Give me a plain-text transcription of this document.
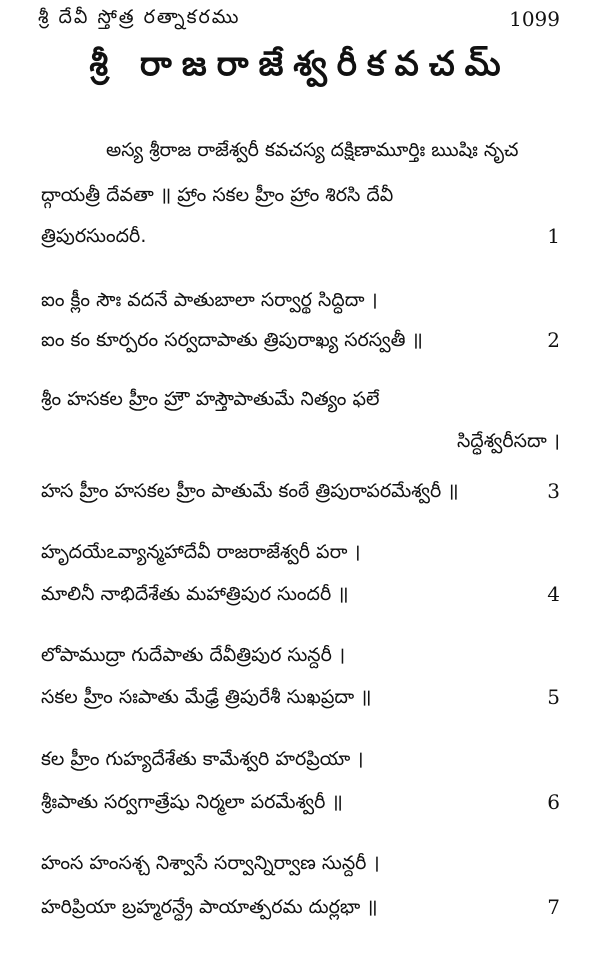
శ్రీ దేవీ స్తోత్ర రత్నాకరము	1099
శ్రీ రాజరాజేశ్వరీకవచమ్
అస్య శ్రీరాజ రాజేశ్వరీ కవచస్య దక్షిణామూర్తిః ఋషిః నృచ
ద్గాయత్రీ దేవతా ॥ హ్రాం సకల హ్రీం హ్రాం శిరసి దేవీ
త్రిపురసుందరీ.	1
ఐం క్లీం సౌః వదనే పాతుబాలా సర్వార్థ సిద్ధిదా ।
ఐం కం కూర్పరం సర్వదాపాతు త్రిపురాఖ్య సరస్వతీ ॥	2
శ్రీం హసకల హ్రీం హ్రౌ హస్తౌపాతుమే నిత్యం ఫలే
సిద్ధేశ్వరీసదా ।
హస హ్రీం హసకల హ్రీం పాతుమే కంఠే త్రిపురాపరమేశ్వరీ ॥	3
హృదయేఽవ్యాన్మహాదేవీ రాజరాజేశ్వరీ పరా ।
మాలినీ నాభిదేశేతు మహాత్రిపుర సుందరీ ॥	4
లోపాముద్రా గుదేపాతు దేవీత్రిపుర సున్దరీ ।
సకల హ్రీం సఃపాతు మేఢ్రే త్రిపురేశీ సుఖప్రదా ॥	5
కల హ్రీం గుహ్యదేశేతు కామేశ్వరి హరప్రియా ।
శ్రీఃపాతు సర్వగాత్రేషు నిర్మలా పరమేశ్వరీ ॥	6
హంస హంసశ్చ నిశ్వాసే సర్వాన్నిర్వాణ సున్దరీ ।
హరిప్రియా బ్రహ్మరన్ధ్రే పాయాత్పరమ దుర్లభా ॥	7
